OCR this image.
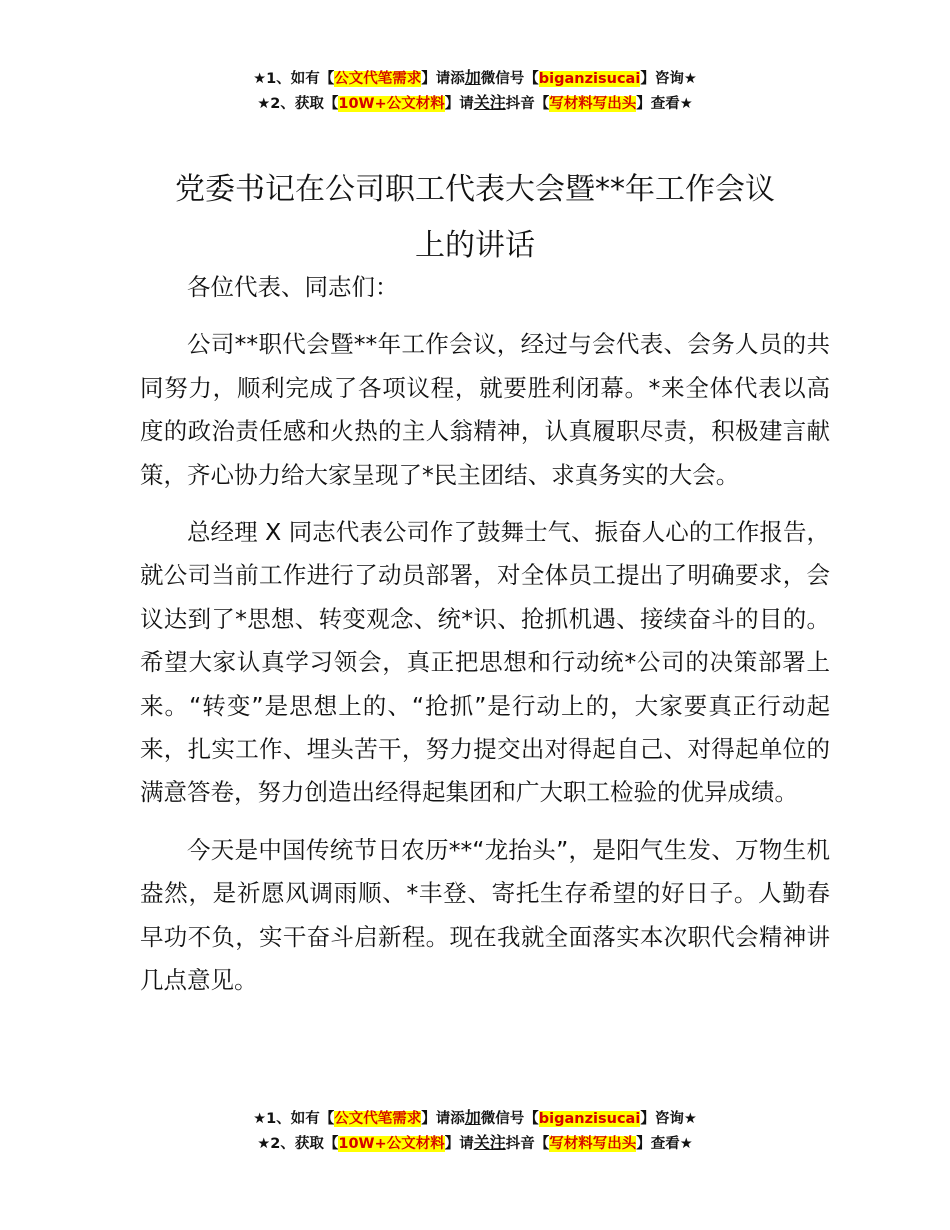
★1、如有【公文代笔需求】请添加微信号【biganzisucai】咨询★
★2、获取【10W+公文材料】请关注抖音【写材料写出头】查看★
党委书记在公司职工代表大会暨**年工作会议
上的讲话

各位代表、同志们：

公司**职代会暨**年工作会议，经过与会代表、会务人员的共同努力，顺利完成了各项议程，就要胜利闭幕。*来全体代表以高度的政治责任感和火热的主人翁精神，认真履职尽责，积极建言献策，齐心协力给大家呈现了*民主团结、求真务实的大会。

总经理 X 同志代表公司作了鼓舞士气、振奋人心的工作报告，就公司当前工作进行了动员部署，对全体员工提出了明确要求，会议达到了*思想、转变观念、统*识、抢抓机遇、接续奋斗的目的。希望大家认真学习领会，真正把思想和行动统*公司的决策部署上来。“转变”是思想上的、“抢抓”是行动上的，大家要真正行动起来，扎实工作、埋头苦干，努力提交出对得起自己、对得起单位的满意答卷，努力创造出经得起集团和广大职工检验的优异成绩。

今天是中国传统节日农历**“龙抬头”，是阳气生发、万物生机盎然，是祈愿风调雨顺、*丰登、寄托生存希望的好日子。人勤春早功不负，实干奋斗启新程。现在我就全面落实本次职代会精神讲几点意见。

★1、如有【公文代笔需求】请添加微信号【biganzisucai】咨询★
★2、获取【10W+公文材料】请关注抖音【写材料写出头】查看★
